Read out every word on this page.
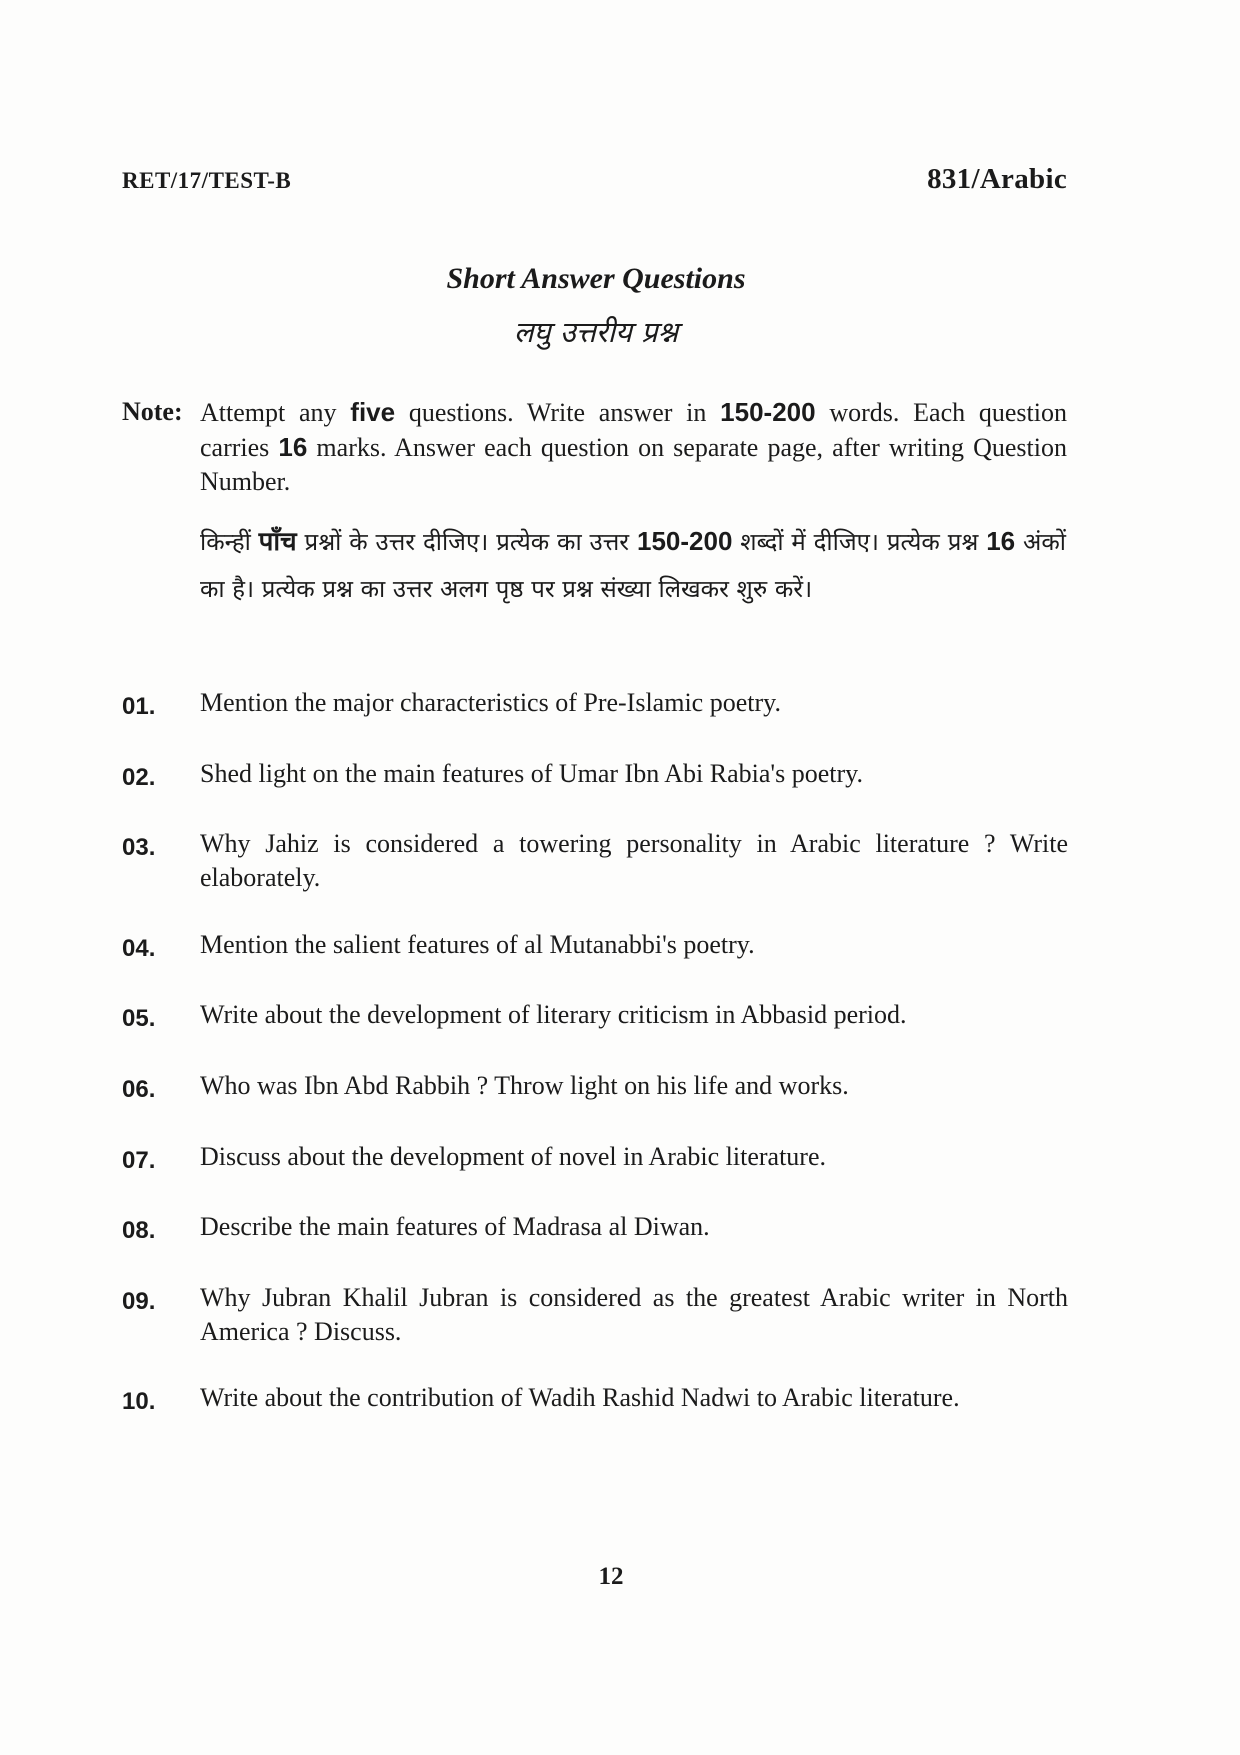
RET/17/TEST-B	831/Arabic
Short Answer Questions
लघु उत्तरीय प्रश्न
Note: Attempt any five questions. Write answer in 150-200 words. Each question carries 16 marks. Answer each question on separate page, after writing Question Number.
किन्हीं पाँच प्रश्नों के उत्तर दीजिए। प्रत्येक का उत्तर 150-200 शब्दों में दीजिए। प्रत्येक प्रश्न 16 अंकों का है। प्रत्येक प्रश्न का उत्तर अलग पृष्ठ पर प्रश्न संख्या लिखकर शुरु करें।
01. Mention the major characteristics of Pre-Islamic poetry.
02. Shed light on the main features of Umar Ibn Abi Rabia's poetry.
03. Why Jahiz is considered a towering personality in Arabic literature ? Write elaborately.
04. Mention the salient features of al Mutanabbi's poetry.
05. Write about the development of literary criticism in Abbasid period.
06. Who was Ibn Abd Rabbih ? Throw light on his life and works.
07. Discuss about the development of novel in Arabic literature.
08. Describe the main features of Madrasa al Diwan.
09. Why Jubran Khalil Jubran is considered as the greatest Arabic writer in North America ? Discuss.
10. Write about the contribution of Wadih Rashid Nadwi to Arabic literature.
12
